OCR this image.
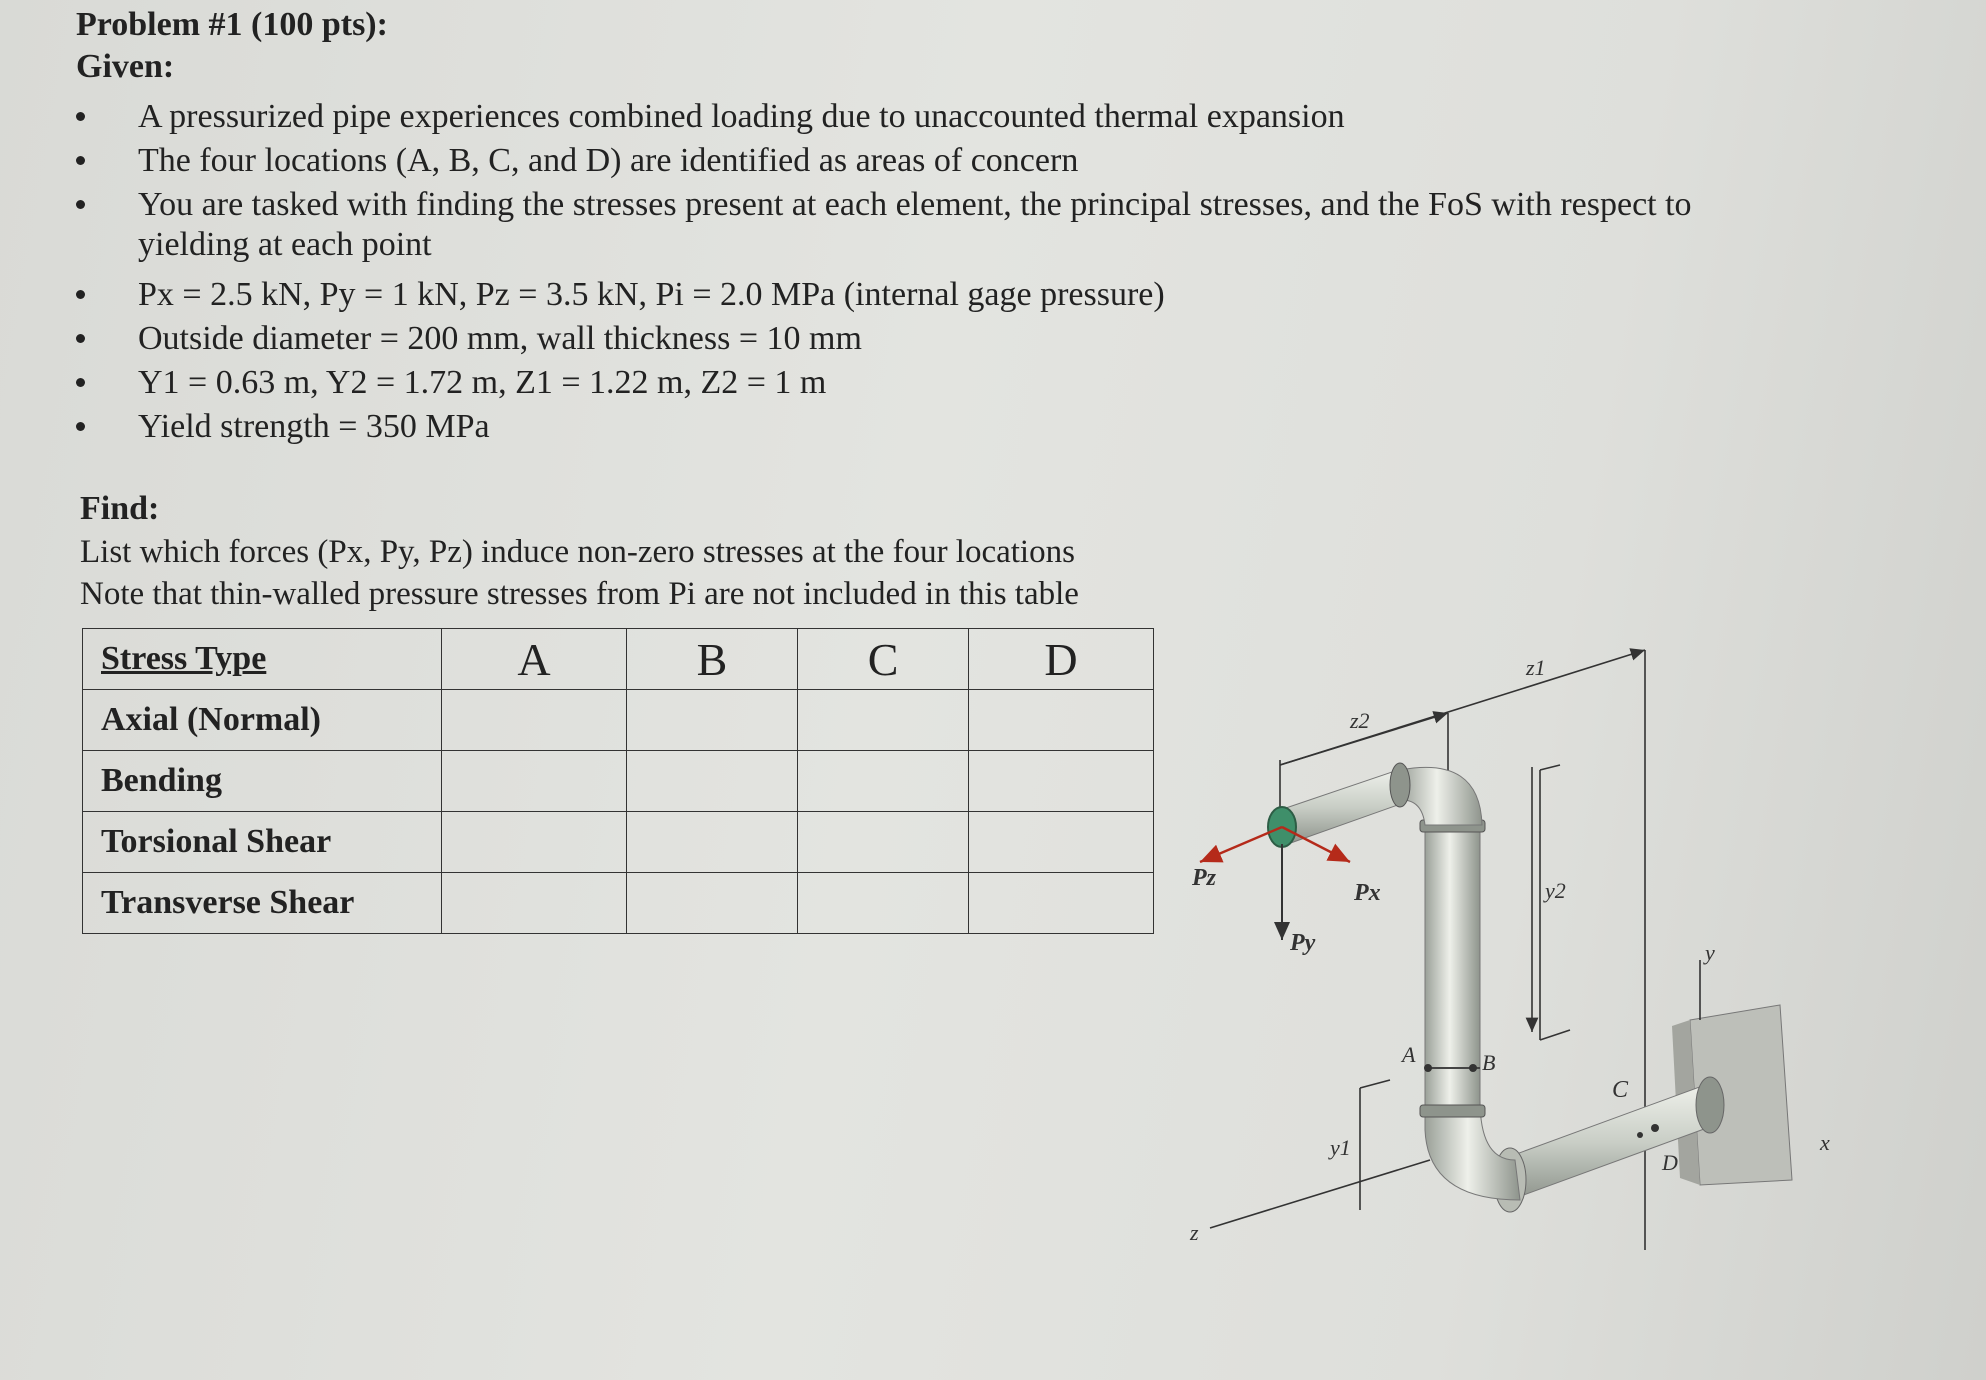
Problem #1 (100 pts):
Given:
A pressurized pipe experiences combined loading due to unaccounted thermal expansion
The four locations (A, B, C, and D) are identified as areas of concern
You are tasked with finding the stresses present at each element, the principal stresses, and the FoS with respect to
yielding at each point
Px = 2.5 kN, Py = 1 kN, Pz = 3.5 kN, Pi = 2.0 MPa (internal gage pressure)
Outside diameter = 200 mm, wall thickness = 10 mm
Y1 = 0.63 m, Y2 = 1.72 m, Z1 = 1.22 m, Z2 = 1 m
Yield strength = 350 MPa
Find:
List which forces (Px, Py, Pz) induce non-zero stresses at the four locations
Note that thin-walled pressure stresses from Pi are not included in this table
Stress Type	A	B	C	D
Axial (Normal)				
Bending				
Torsional Shear				
Transverse Shear				
z1
z2
y2
y1
Pz
Px
Py
A	B
C
D
x
y
z
